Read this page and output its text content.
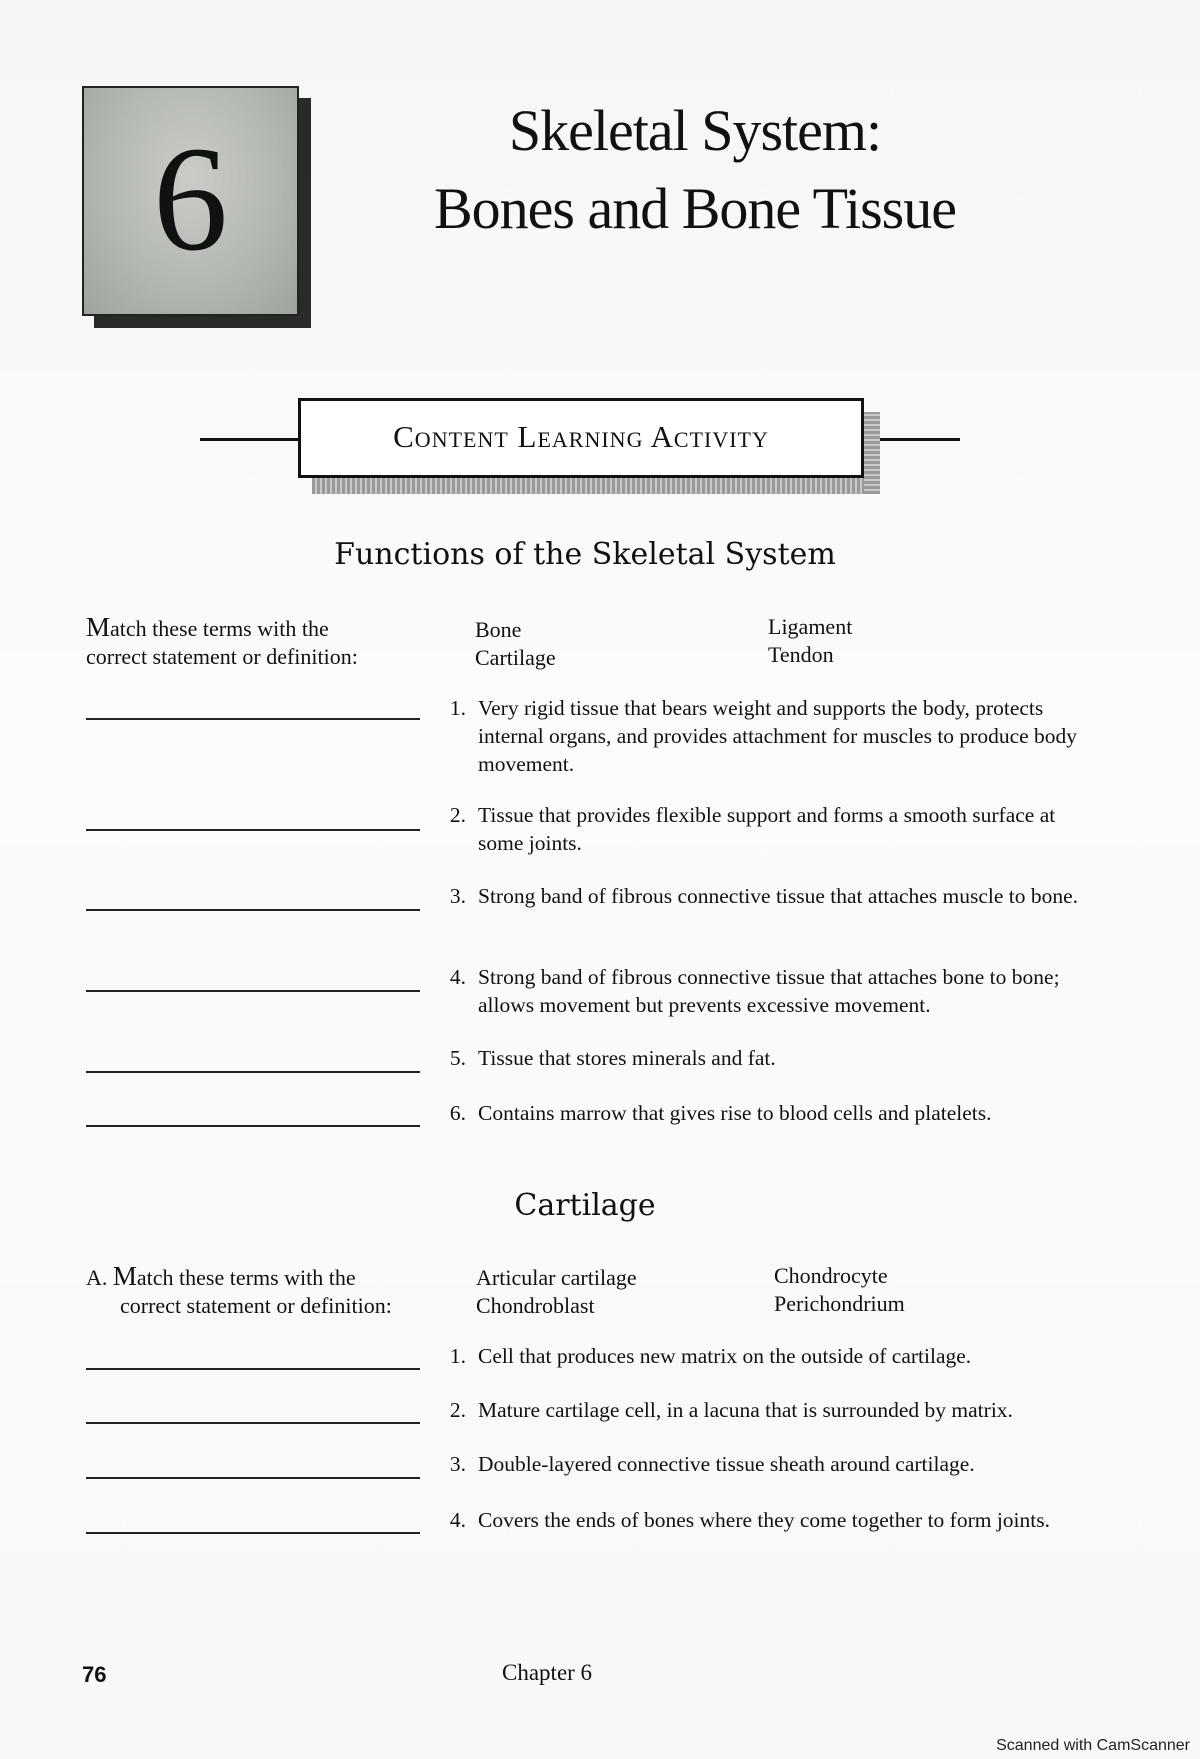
6	Skeletal System:
Bones and Bone Tissue
Content Learning Activity
Functions of the Skeletal System
Match these terms with the
correct statement or definition:
Bone
Cartilage
Ligament
Tendon
1. Very rigid tissue that bears weight and supports the body, protects internal organs, and provides attachment for muscles to produce body movement.
2. Tissue that provides flexible support and forms a smooth surface at some joints.
3. Strong band of fibrous connective tissue that attaches muscle to bone.
4. Strong band of fibrous connective tissue that attaches bone to bone; allows movement but prevents excessive movement.
5. Tissue that stores minerals and fat.
6. Contains marrow that gives rise to blood cells and platelets.
Cartilage
A. Match these terms with the
correct statement or definition:
Articular cartilage
Chondroblast
Chondrocyte
Perichondrium
1. Cell that produces new matrix on the outside of cartilage.
2. Mature cartilage cell, in a lacuna that is surrounded by matrix.
3. Double-layered connective tissue sheath around cartilage.
4. Covers the ends of bones where they come together to form joints.
76	Chapter 6
Scanned with CamScanner
